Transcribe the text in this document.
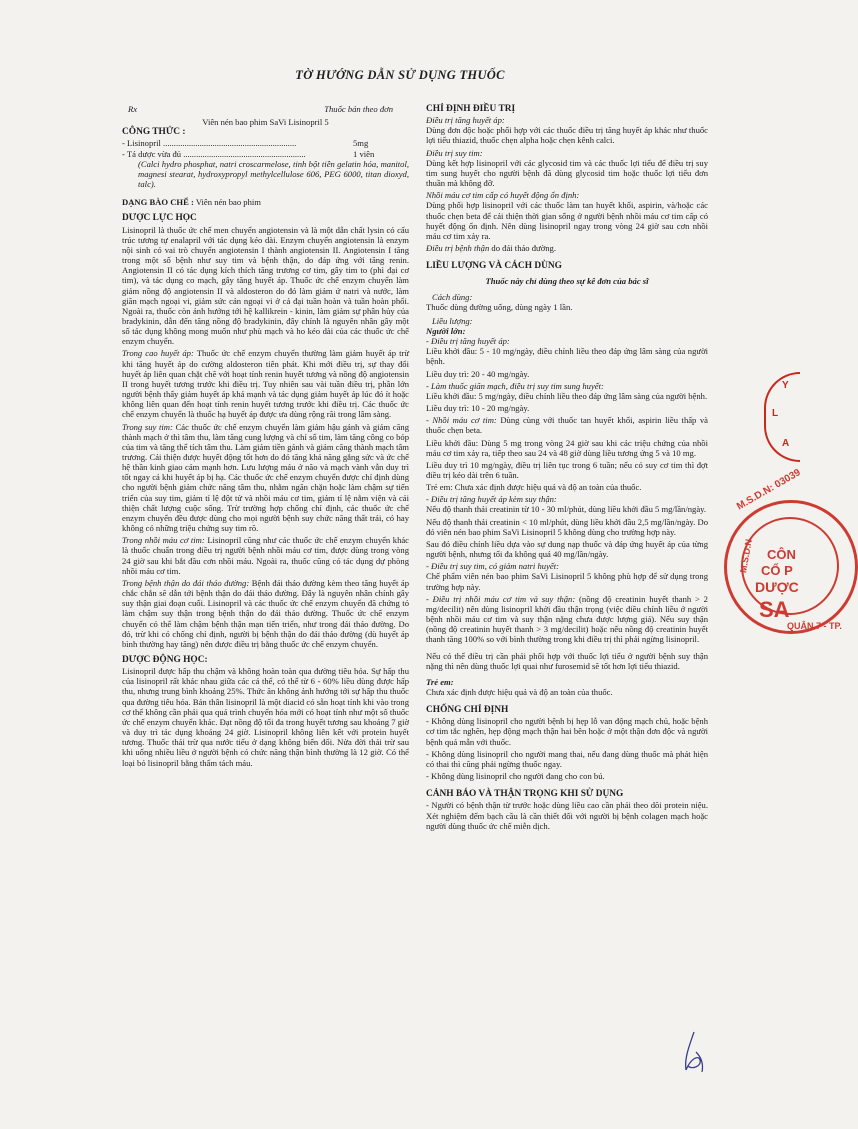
TỜ HƯỚNG DẪN SỬ DỤNG THUỐC
Rx	Thuốc bán theo đơn
Viên nén bao phim SaVi Lisinopril 5
CÔNG THỨC :
- Lisinopril ..............................................................	5mg
- Tá dược vừa đủ .........................................................	1 viên

(Calci hydro phosphat, natri croscarmelose, tinh bột tiền gelatin hóa, manitol, magnesi stearat, hydroxypropyl methylcellulose 606, PEG 6000, titan dioxyd, talc).

DẠNG BÀO CHẾ : Viên nén bao phim

DƯỢC LỰC HỌC

Lisinopril là thuốc ức chế men chuyển angiotensin và là một dẫn chất lysin có cấu trúc tương tự enalapril với tác dụng kéo dài. Enzym chuyển angiotensin là enzym nội sinh có vai trò chuyển angiotensin I thành angiotensin II. Angiotensin I tăng trong một số bệnh như suy tim và bệnh thận, do đáp ứng với tăng renin. Angiotensin II có tác dụng kích thích tăng trương cơ tim, gây tim to (phì đại cơ tim), và tác dụng co mạch, gây tăng huyết áp. Thuốc ức chế enzym chuyển làm giảm nồng độ angiotensin II và aldosteron do đó làm giảm ứ natri và nước, làm giãn mạch ngoại vi, giảm sức cản ngoại vi ở cả đại tuần hoàn và tuần hoàn phổi. Ngoài ra, thuốc còn ảnh hưởng tới hệ kallikrein - kinin, làm giảm sự phân hủy của bradykinin, dẫn đến tăng nồng độ bradykinin, đây chính là nguyên nhân gây một số tác dụng không mong muốn như phù mạch và ho kéo dài của các thuốc ức chế enzym chuyển.

Trong cao huyết áp: Thuốc ức chế enzym chuyển thường làm giảm huyết áp trừ khi tăng huyết áp do cường aldosteron tiên phát. Khi mới điều trị, sự thay đổi huyết áp liên quan chặt chẽ với hoạt tính renin huyết tương và nồng độ angiotensin II trong huyết tương trước khi điều trị. Tuy nhiên sau vài tuần điều trị, phần lớn người bệnh thấy giảm huyết áp khá mạnh và tác dụng giảm huyết áp lúc đó ít hoặc không liên quan đến hoạt tính renin huyết tương trước khi điều trị. Các thuốc ức chế enzym chuyển là thuốc hạ huyết áp được ưa dùng rộng rãi trong lâm sàng.

Trong suy tim: Các thuốc ức chế enzym chuyển làm giảm hậu gánh và giảm căng thành mạch ở thì tâm thu, làm tăng cung lượng và chỉ số tim, làm tăng công co bóp của tim và tăng thể tích tâm thu. Làm giảm tiền gánh và giảm căng thành mạch tâm trương. Cải thiện được huyết động tốt hơn do đó tăng khả năng gắng sức và ức chế hệ thần kinh giao cảm mạnh hơn. Lưu lượng máu ở não và mạch vành vẫn duy trì tốt ngay cả khi huyết áp bị hạ. Các thuốc ức chế enzym chuyển được chỉ định dùng cho người bệnh giảm chức năng tâm thu, nhằm ngăn chặn hoặc làm chậm sự tiến triển của suy tim, giảm tỉ lệ đột tử và nhồi máu cơ tim, giảm tỉ lệ nằm viện và cải thiện chất lượng cuộc sống. Trừ trường hợp chống chỉ định, các thuốc ức chế enzym chuyển đều được dùng cho mọi người bệnh suy chức năng thất trái, có hay không có những triệu chứng suy tim rõ.

Trong nhồi máu cơ tim: Lisinopril cũng như các thuốc ức chế enzym chuyển khác là thuốc chuẩn trong điều trị người bệnh nhồi máu cơ tim, được dùng trong vòng 24 giờ sau khi bắt đầu cơn nhồi máu. Ngoài ra, thuốc cũng có tác dụng dự phòng nhồi máu cơ tim.

Trong bệnh thận do đái tháo đường: Bệnh đái tháo đường kèm theo tăng huyết áp chắc chắn sẽ dẫn tới bệnh thận do đái tháo đường. Đây là nguyên nhân chính gây suy thận giai đoạn cuối. Lisinopril và các thuốc ức chế enzym chuyển đã chứng tỏ làm chậm suy thận trong bệnh thận do đái tháo đường. Thuốc ức chế enzym chuyển có thể làm chậm bệnh thận mạn tiến triển, như trong đái tháo đường. Do đó, trừ khi có chống chỉ định, người bị bệnh thận do đái tháo đường (dù huyết áp bình thường hay tăng) nên được điều trị bằng thuốc ức chế enzym chuyển.

DƯỢC ĐỘNG HỌC:

Lisinopril được hấp thu chậm và không hoàn toàn qua đường tiêu hóa. Sự hấp thu của lisinopril rất khác nhau giữa các cá thể, có thể từ 6 - 60% liều dùng được hấp thu, nhưng trung bình khoảng 25%. Thức ăn không ảnh hưởng tới sự hấp thu thuốc qua đường tiêu hóa. Bản thân lisinopril là một diacid có sẵn hoạt tính khi vào trong cơ thể không cần phải qua quá trình chuyển hóa mới có hoạt tính như một số thuốc ức chế enzym chuyển khác. Đạt nồng độ tối đa trong huyết tương sau khoảng 7 giờ và duy trì tác dụng khoảng 24 giờ. Lisinopril không liên kết với protein huyết tương. Thuốc thải trừ qua nước tiểu ở dạng không biến đổi. Nửa đời thải trừ sau khi uống nhiều liều ở người bệnh có chức năng thận bình thường là 12 giờ. Có thể loại bỏ lisinopril bằng thẩm tách máu.

CHỈ ĐỊNH ĐIỀU TRỊ
Điều trị tăng huyết áp:

Dùng đơn độc hoặc phối hợp với các thuốc điều trị tăng huyết áp khác như thuốc lợi tiểu thiazid, thuốc chẹn alpha hoặc chẹn kênh calci.

Điều trị suy tim:

Dùng kết hợp lisinopril với các glycosid tim và các thuốc lợi tiểu để điều trị suy tim sung huyết cho người bệnh đã dùng glycosid tim hoặc thuốc lợi tiểu đơn thuần mà không đỡ.

Nhồi máu cơ tim cấp có huyết động ổn định:

Dùng phối hợp lisinopril với các thuốc làm tan huyết khối, aspirin, và/hoặc các thuốc chẹn beta để cải thiện thời gian sống ở người bệnh nhồi máu cơ tim cấp có huyết động ổn định. Nên dùng lisinopril ngay trong vòng 24 giờ sau cơn nhồi máu cơ tim xảy ra.

Điều trị bệnh thận do đái tháo đường.

LIỀU LƯỢNG VÀ CÁCH DÙNG

Thuốc này chỉ dùng theo sự kê đơn của bác sĩ

Cách dùng:

Thuốc dùng đường uống, dùng ngày 1 lần.

Liều lượng:
Người lớn:
- Điều trị tăng huyết áp:

Liều khởi đầu: 5 - 10 mg/ngày, điều chỉnh liều theo đáp ứng lâm sàng của người bệnh.

Liều duy trì: 20 - 40 mg/ngày.

- Làm thuốc giãn mạch, điều trị suy tim sung huyết:

Liều khởi đầu: 5 mg/ngày, điều chỉnh liều theo đáp ứng lâm sàng của người bệnh.

Liều duy trì: 10 - 20 mg/ngày.

- Nhồi máu cơ tim: Dùng cùng với thuốc tan huyết khối, aspirin liều thấp và thuốc chẹn beta.

Liều khởi đầu: Dùng 5 mg trong vòng 24 giờ sau khi các triệu chứng của nhồi máu cơ tim xảy ra, tiếp theo sau 24 và 48 giờ dùng liều tương ứng 5 và 10 mg.

Liều duy trì 10 mg/ngày, điều trị liên tục trong 6 tuần; nếu có suy cơ tim thì đợt điều trị kéo dài trên 6 tuần.

Trẻ em: Chưa xác định được hiệu quả và độ an toàn của thuốc.

- Điều trị tăng huyết áp kèm suy thận:

Nếu độ thanh thải creatinin từ 10 - 30 ml/phút, dùng liều khởi đầu 5 mg/lần/ngày.

Nếu độ thanh thải creatinin < 10 ml/phút, dùng liều khởi đầu 2,5 mg/lần/ngày. Do đó viên nén bao phim SaVi Lisinopril 5 không dùng cho trường hợp này.

Sau đó điều chỉnh liều dựa vào sự dung nạp thuốc và đáp ứng huyết áp của từng người bệnh, nhưng tối đa không quá 40 mg/lần/ngày.

- Điều trị suy tim, có giảm natri huyết:

Chế phẩm viên nén bao phim SaVi Lisinopril 5 không phù hợp để sử dụng trong trường hợp này.

- Điều trị nhồi máu cơ tim và suy thận: (nồng độ creatinin huyết thanh > 2 mg/decilit) nên dùng lisinopril khởi đầu thận trọng (việc điều chỉnh liều ở người bệnh nhồi máu cơ tim và suy thận nặng chưa được lượng giá). Nếu suy thận (nồng độ creatinin huyết thanh > 3 mg/decilit) hoặc nếu nồng độ creatinin huyết thanh tăng 100% so với bình thường trong khi điều trị thì phải ngừng lisinopril.

Nếu có thể điều trị cần phải phối hợp với thuốc lợi tiểu ở người bệnh suy thận nặng thì nên dùng thuốc lợi quai như furosemid sẽ tốt hơn lợi tiểu thiazid.

Trẻ em:

Chưa xác định được hiệu quả và độ an toàn của thuốc.

CHỐNG CHỈ ĐỊNH

- Không dùng lisinopril cho người bệnh bị hẹp lỗ van động mạch chủ, hoặc bệnh cơ tim tắc nghẽn, hẹp động mạch thận hai bên hoặc ở một thận đơn độc và người bệnh quá mẫn với thuốc.

- Không dùng lisinopril cho người mang thai, nếu đang dùng thuốc mà phát hiện có thai thì cũng phải ngừng thuốc ngay.

- Không dùng lisinopril cho người đang cho con bú.

CẢNH BÁO VÀ THẬN TRỌNG KHI SỬ DỤNG

- Người có bệnh thận từ trước hoặc dùng liều cao cần phải theo dõi protein niệu. Xét nghiệm đếm bạch cầu là cần thiết đối với người bị bệnh colagen mạch hoặc người dùng thuốc ức chế miễn dịch.

M.S.D.N: 03039
CÔN
CỔ P
DƯỢC
SA
M.S.D.N
QUẬN 7 - TP.
Y
L
A
